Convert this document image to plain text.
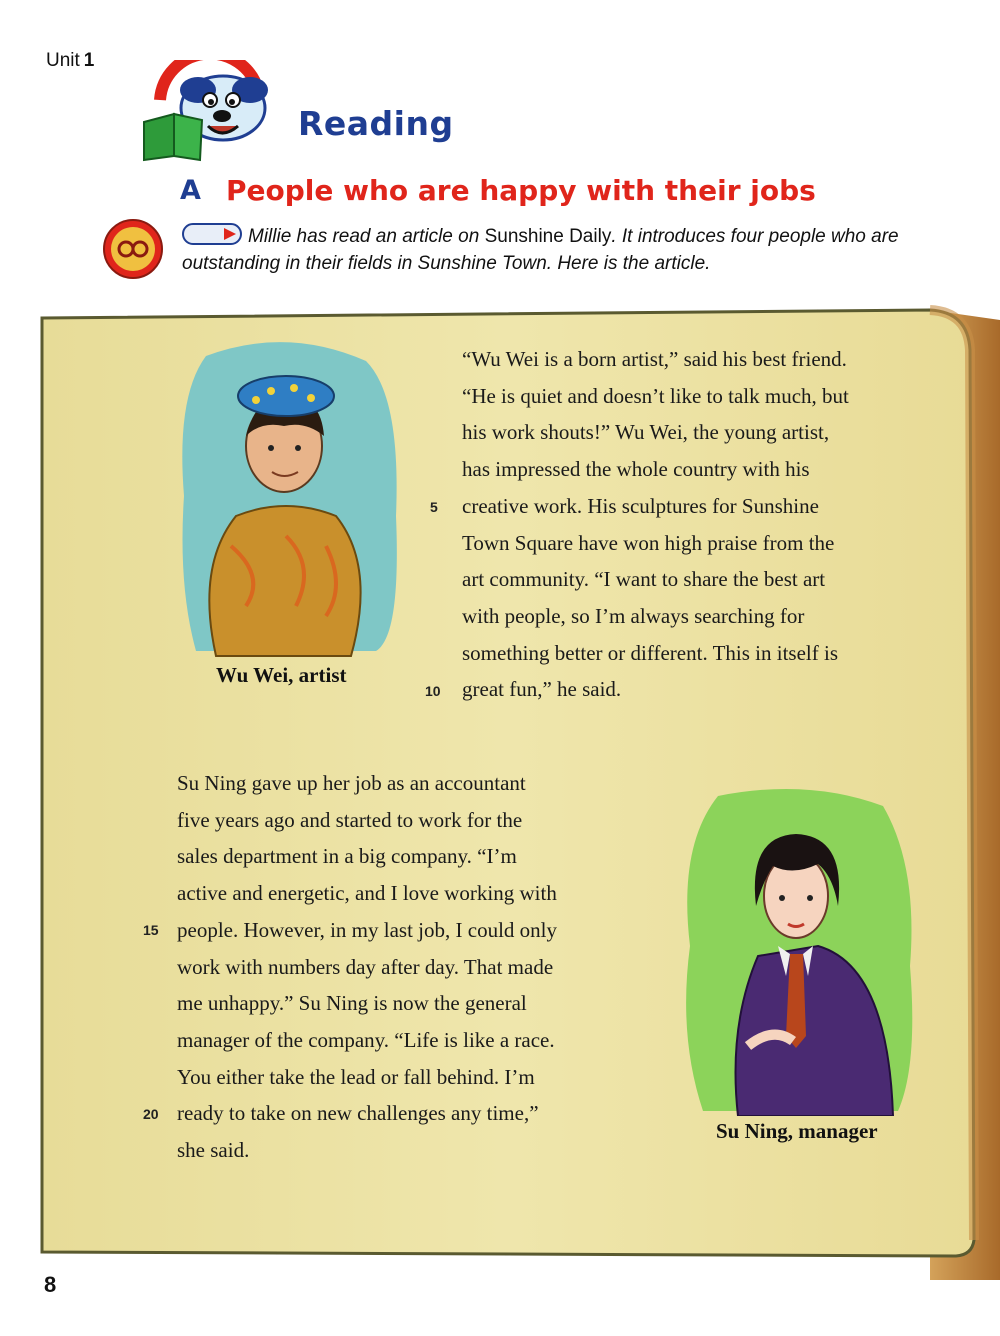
Unit 1
Reading
A People who are happy with their jobs
Millie has read an article on Sunshine Daily. It introduces four people who are outstanding in their fields in Sunshine Town. Here is the article.
Wu Wei, artist

“Wu Wei is a born artist,” said his best friend.
“He is quiet and doesn’t like to talk much, but
his work shouts!” Wu Wei, the young artist,
has impressed the whole country with his
creative work. His sculptures for Sunshine
Town Square have won high praise from the
art community. “I want to share the best art
with people, so I’m always searching for
something better or different. This in itself is
great fun,” he said.

5
10

Su Ning gave up her job as an accountant
five years ago and started to work for the
sales department in a big company. “I’m
active and energetic, and I love working with
people. However, in my last job, I could only
work with numbers day after day. That made
me unhappy.” Su Ning is now the general
manager of the company. “Life is like a race.
You either take the lead or fall behind. I’m
ready to take on new challenges any time,”
she said.

15
20
Su Ning, manager
8
